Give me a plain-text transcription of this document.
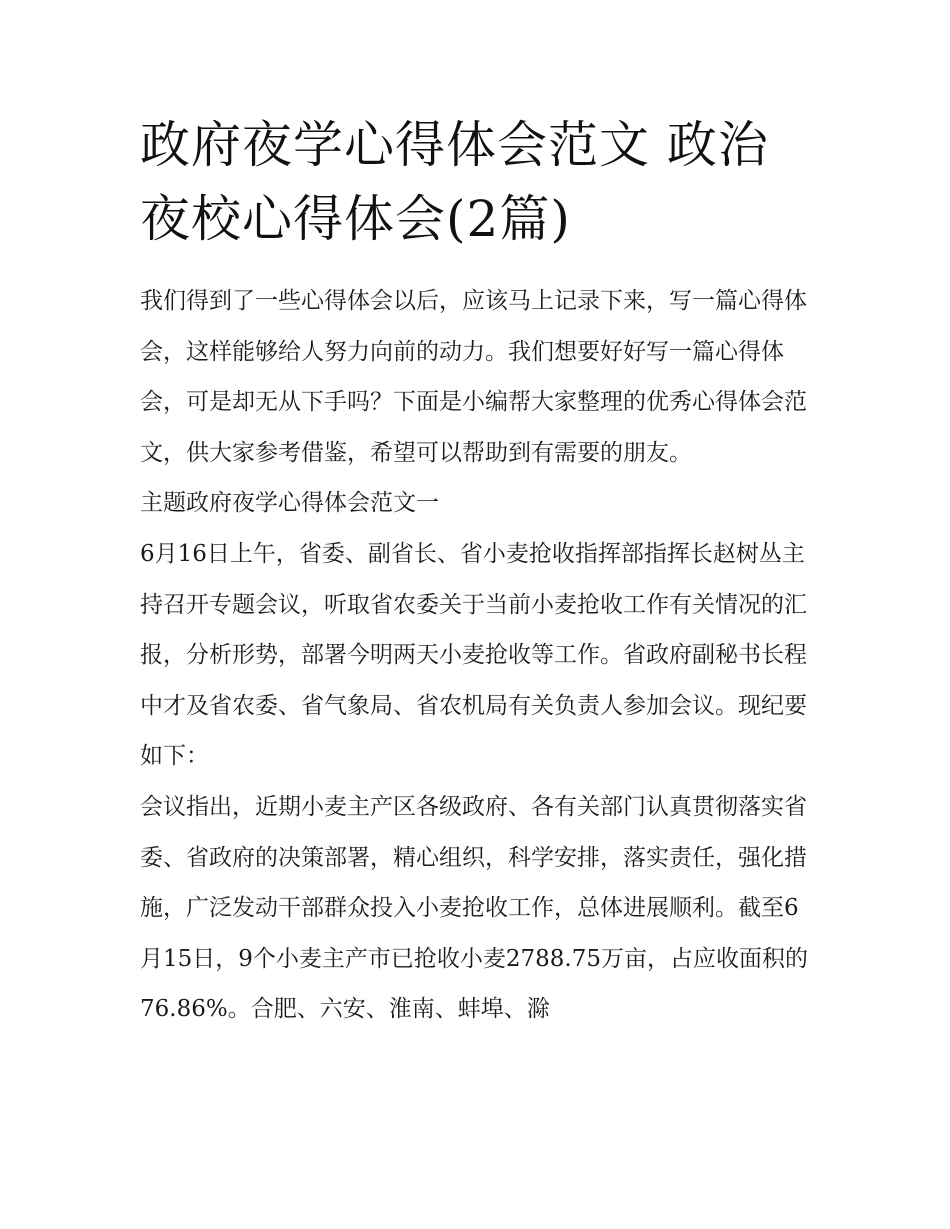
政府夜学心得体会范文 政治夜校心得体会(2篇)

我们得到了一些心得体会以后，应该马上记录下来，写一篇心得体会，这样能够给人努力向前的动力。我们想要好好写一篇心得体会，可是却无从下手吗？下面是小编帮大家整理的优秀心得体会范文，供大家参考借鉴，希望可以帮助到有需要的朋友。

主题政府夜学心得体会范文一

6月16日上午，省委、副省长、省小麦抢收指挥部指挥长赵树丛主持召开专题会议，听取省农委关于当前小麦抢收工作有关情况的汇报，分析形势，部署今明两天小麦抢收等工作。省政府副秘书长程中才及省农委、省气象局、省农机局有关负责人参加会议。现纪要如下：

会议指出，近期小麦主产区各级政府、各有关部门认真贯彻落实省委、省政府的决策部署，精心组织，科学安排，落实责任，强化措施，广泛发动干部群众投入小麦抢收工作，总体进展顺利。截至6月15日，9个小麦主产市已抢收小麦2788.75万亩，占应收面积的76.86%。合肥、六安、淮南、蚌埠、滁
